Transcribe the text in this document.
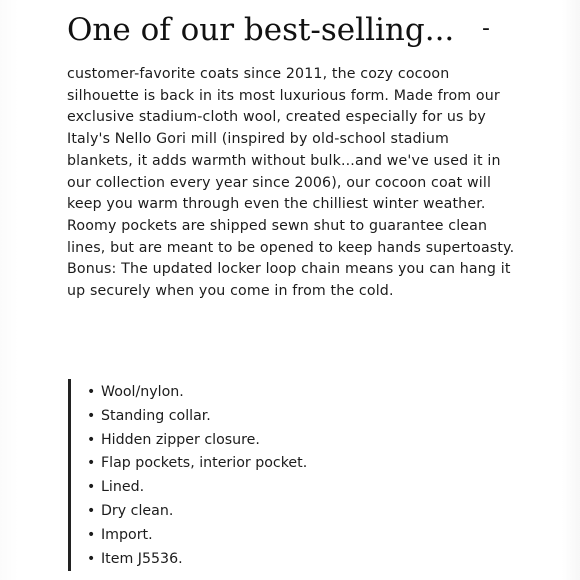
One of our best-selling... -

customer-favorite coats since 2011, the cozy cocoon silhouette is back in its most luxurious form. Made from our exclusive stadium-cloth wool, created especially for us by Italy's Nello Gori mill (inspired by old-school stadium blankets, it adds warmth without bulk...and we've used it in our collection every year since 2006), our cocoon coat will keep you warm through even the chilliest winter weather. Roomy pockets are shipped sewn shut to guarantee clean lines, but are meant to be opened to keep hands supertoasty. Bonus: The updated locker loop chain means you can hang it up securely when you come in from the cold.

• Wool/nylon.
• Standing collar.
• Hidden zipper closure.
• Flap pockets, interior pocket.
• Lined.
• Dry clean.
• Import.
• Item J5536.
